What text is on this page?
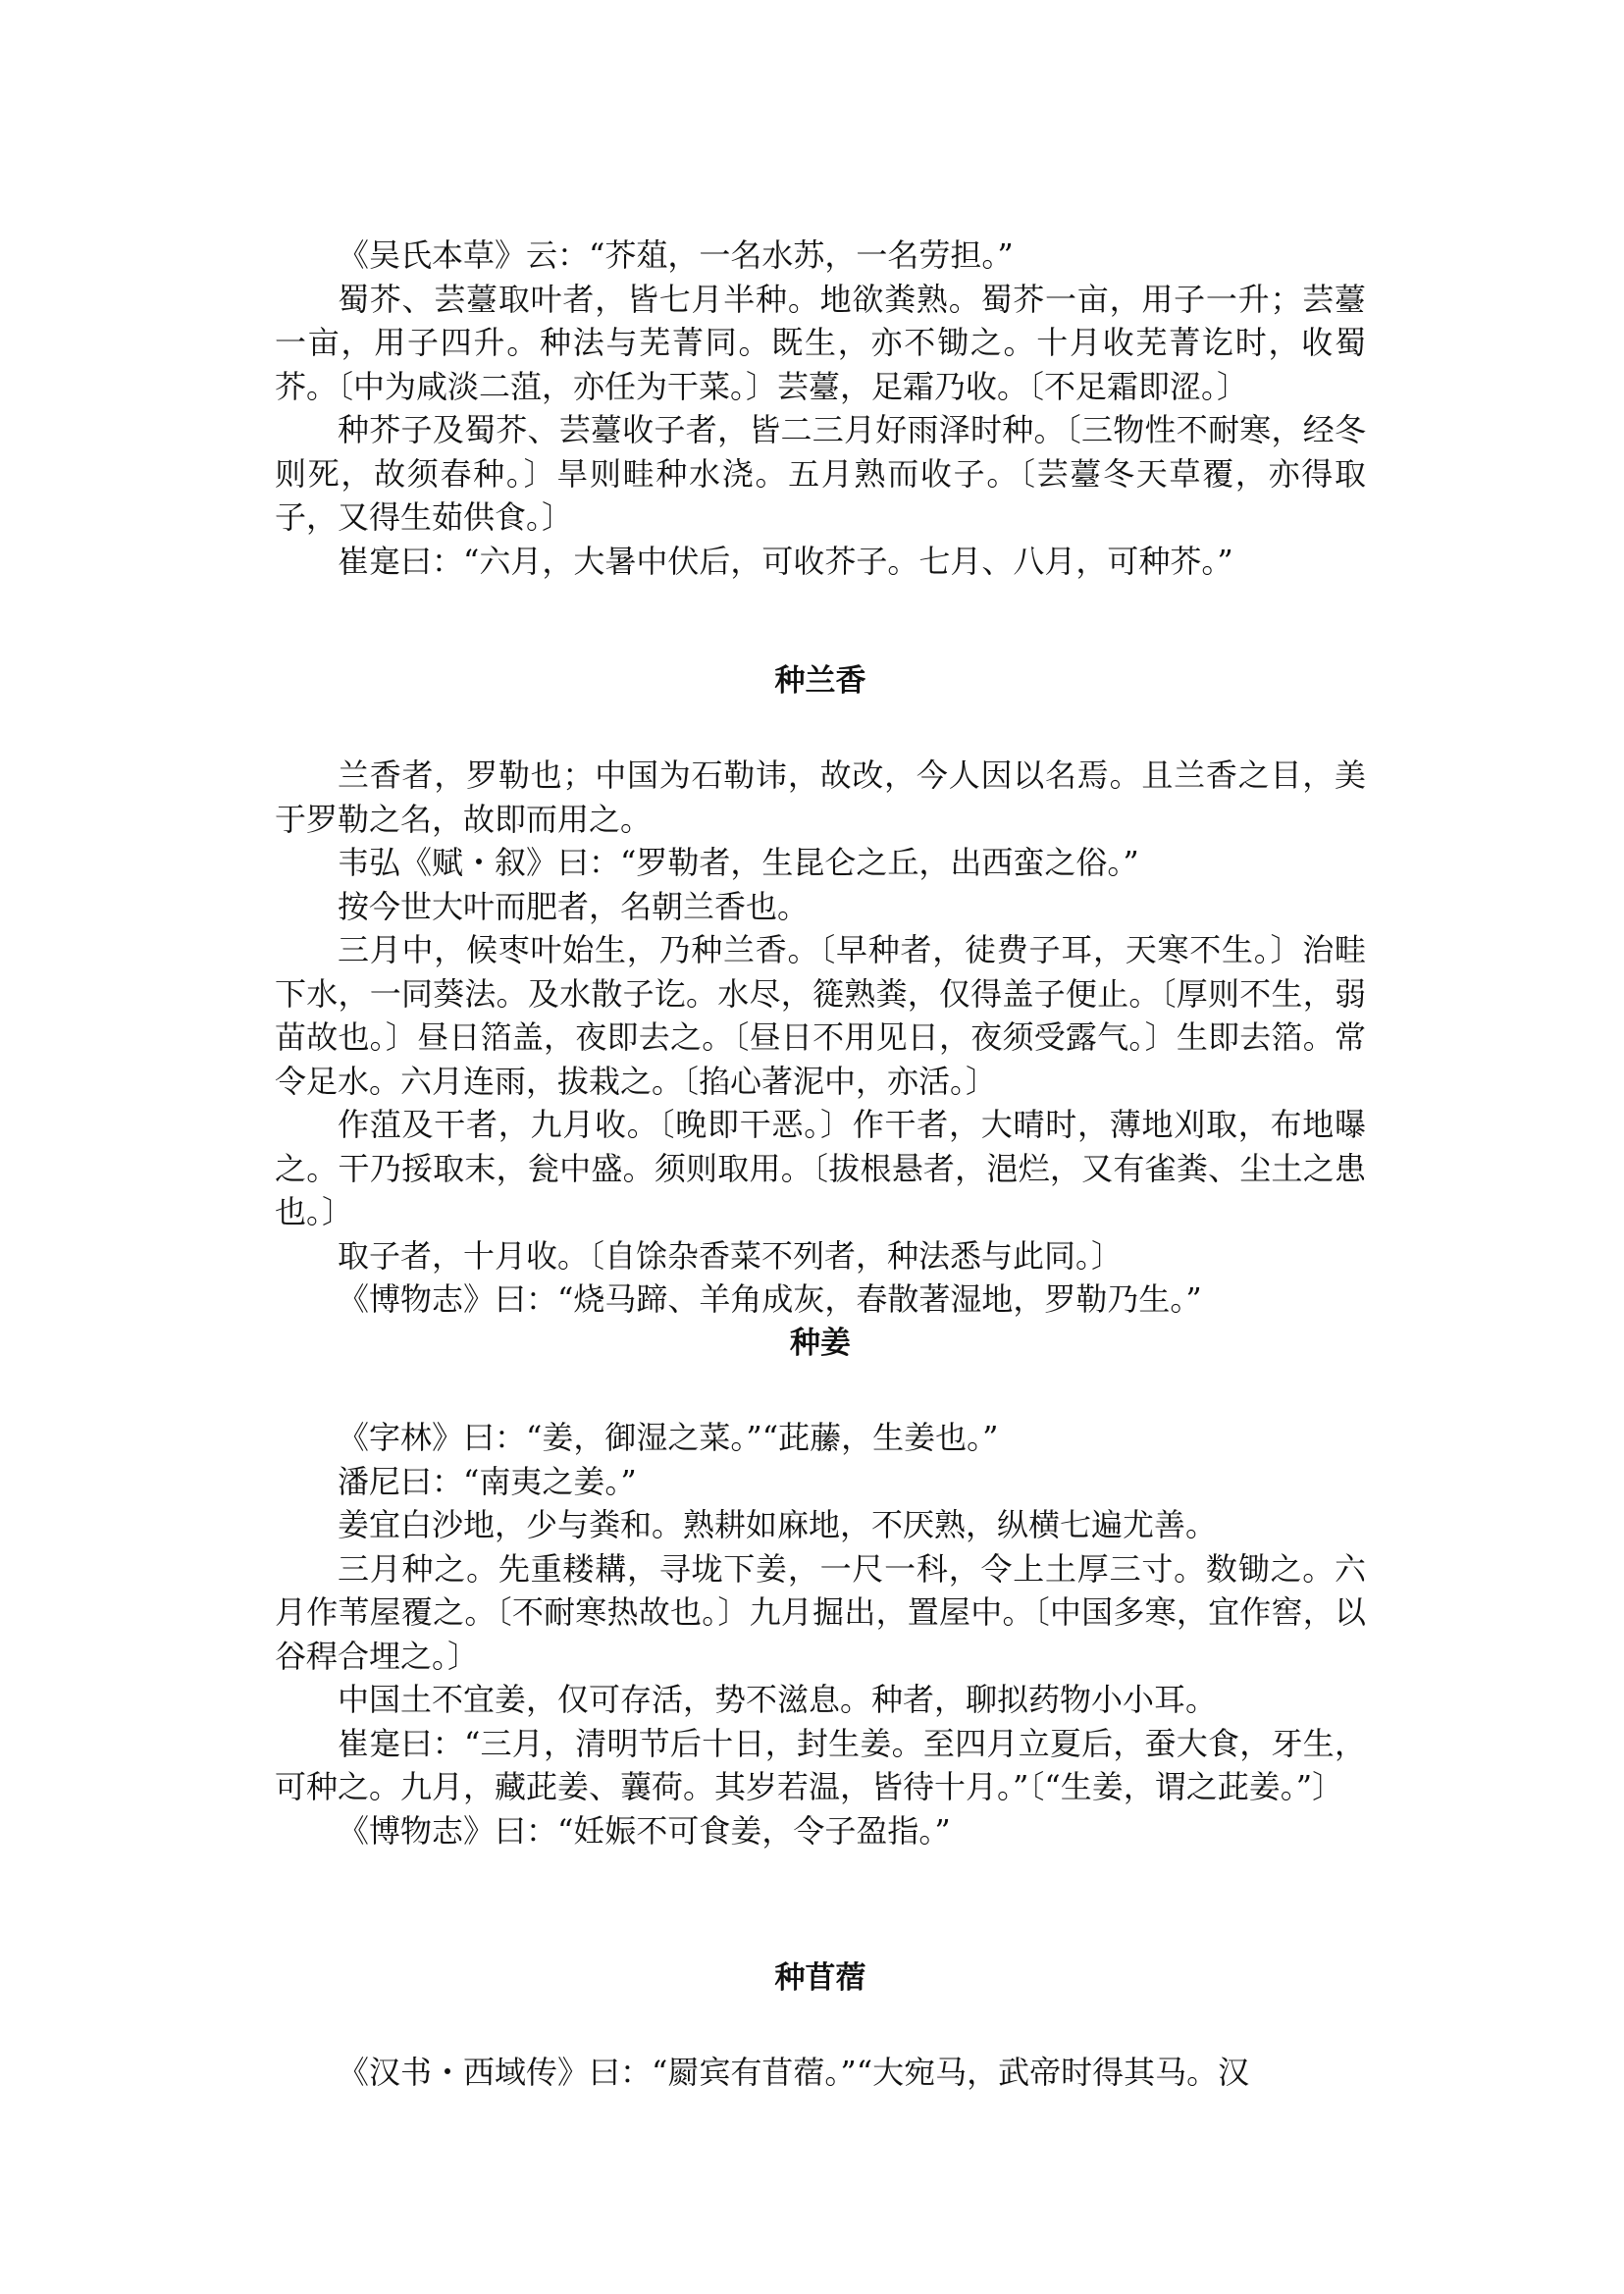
《吴氏本草》云：“芥葅，一名水苏，一名劳担。”

蜀芥、芸薹取叶者，皆七月半种。地欲粪熟。蜀芥一亩，用子一升；芸薹一亩，用子四升。种法与芜菁同。既生，亦不锄之。十月收芜菁讫时，收蜀芥。〔中为咸淡二菹，亦任为干菜。〕芸薹，足霜乃收。〔不足霜即涩。〕

种芥子及蜀芥、芸薹收子者，皆二三月好雨泽时种。〔三物性不耐寒，经冬则死，故须春种。〕旱则畦种水浇。五月熟而收子。〔芸薹冬天草覆，亦得取子，又得生茹供食。〕

崔寔曰：“六月，大暑中伏后，可收芥子。七月、八月，可种芥。”

种兰香

兰香者，罗勒也；中国为石勒讳，故改，今人因以名焉。且兰香之目，美于罗勒之名，故即而用之。

韦弘《赋・叙》曰：“罗勒者，生昆仑之丘，出西蛮之俗。”

按今世大叶而肥者，名朝兰香也。

三月中，候枣叶始生，乃种兰香。〔早种者，徒费子耳，天寒不生。〕治畦下水，一同葵法。及水散子讫。水尽，簁熟粪，仅得盖子便止。〔厚则不生，弱苗故也。〕昼日箔盖，夜即去之。〔昼日不用见日，夜须受露气。〕生即去箔。常令足水。六月连雨，拔栽之。〔掐心著泥中，亦活。〕

作菹及干者，九月收。〔晚即干恶。〕作干者，大晴时，薄地刈取，布地曝之。干乃挼取末，瓮中盛。须则取用。〔拔根悬者，浥烂，又有雀粪、尘土之患也。〕

取子者，十月收。〔自馀杂香菜不列者，种法悉与此同。〕

《博物志》曰：“烧马蹄、羊角成灰，春散著湿地，罗勒乃生。”

种姜

《字林》曰：“姜，御湿之菜。”“茈䕨，生姜也。”

潘尼曰：“南夷之姜。”

姜宜白沙地，少与粪和。熟耕如麻地，不厌熟，纵横七遍尤善。

三月种之。先重耧耩，寻垅下姜，一尺一科，令上土厚三寸。数锄之。六月作苇屋覆之。〔不耐寒热故也。〕九月掘出，置屋中。〔中国多寒，宜作窖，以谷稈合埋之。〕

中国土不宜姜，仅可存活，势不滋息。种者，聊拟药物小小耳。

崔寔曰：“三月，清明节后十日，封生姜。至四月立夏后，蚕大食，牙生，可种之。九月，藏茈姜、蘘荷。其岁若温，皆待十月。”〔“生姜，谓之茈姜。”〕

《博物志》曰：“妊娠不可食姜，令子盈指。”

种苜蓿

《汉书・西域传》曰：“罽宾有苜蓿。”“大宛马，武帝时得其马。汉
